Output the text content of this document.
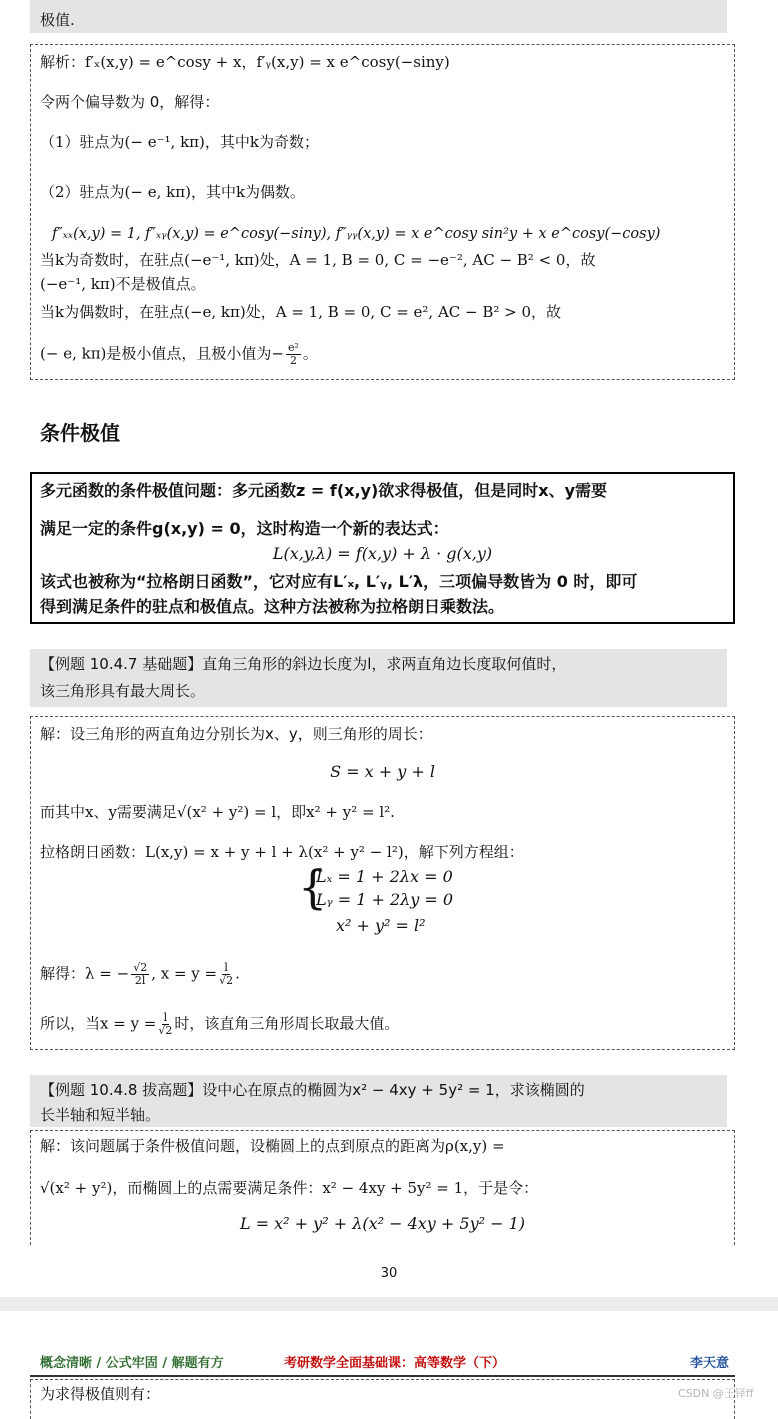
极值.
解析：f′ₓ(x,y) = e^cosy + x，f′ᵧ(x,y) = x e^cosy(−siny)
令两个偏导数为 0，解得：
（1）驻点为(− e⁻¹, kπ)，其中k为奇数；
（2）驻点为(− e, kπ)，其中k为偶数。
f″ₓₓ(x,y) = 1, f″ₓᵧ(x,y) = e^cosy(−siny), f″ᵧᵧ(x,y) = x e^cosy sin²y + x e^cosy(−cosy)
当k为奇数时，在驻点(−e⁻¹, kπ)处，A = 1, B = 0, C = −e⁻², AC − B² < 0，故
(−e⁻¹, kπ)不是极值点。
当k为偶数时，在驻点(−e, kπ)处，A = 1, B = 0, C = e², AC − B² > 0，故
(− e, kπ)是极小值点，且极小值为− $\frac{\text{e²}}{2}$ 。
条件极值
多元函数的条件极值问题：多元函数z = f(x,y)欲求得极值，但是同时x、y需要
满足一定的条件g(x,y) = 0，这时构造一个新的表达式：
L(x,y,λ) = f(x,y) + λ · g(x,y)
该式也被称为“拉格朗日函数”，它对应有L′ₓ, L′ᵧ, L′λ，三项偏导数皆为 0 时，即可
得到满足条件的驻点和极值点。这种方法被称为拉格朗日乘数法。
【例题 10.4.7 基础题】直角三角形的斜边长度为l，求两直角边长度取何值时，
该三角形具有最大周长。
解：设三角形的两直角边分别长为x、y，则三角形的周长：
S = x + y + l
而其中x、y需要满足√(x² + y²) = l，即x² + y² = l².
拉格朗日函数：L(x,y) = x + y + l + λ(x² + y² − l²)，解下列方程组：
{
Lₓ = 1 + 2λx = 0
Lᵧ = 1 + 2λy = 0
x² + y² = l²
解得：λ = − $\frac{√2}{2l}$ , $x = y = \frac{l}{√2}$ .
所以，当$x = y = \frac{l}{√2}$ 时，该直角三角形周长取最大值。
【例题 10.4.8 拔高题】设中心在原点的椭圆为x² − 4xy + 5y² = 1，求该椭圆的
长半轴和短半轴。
解：该问题属于条件极值问题，设椭圆上的点到原点的距离为ρ(x,y) =
√(x² + y²)，而椭圆上的点需要满足条件：x² − 4xy + 5y² = 1，于是令：
L = x² + y² + λ(x² − 4xy + 5y² − 1)
30
概念清晰 / 公式牢固 / 解题有方	考研数学全面基础课：高等数学（下）	李天意
为求得极值则有：	CSDN @王铎ff
